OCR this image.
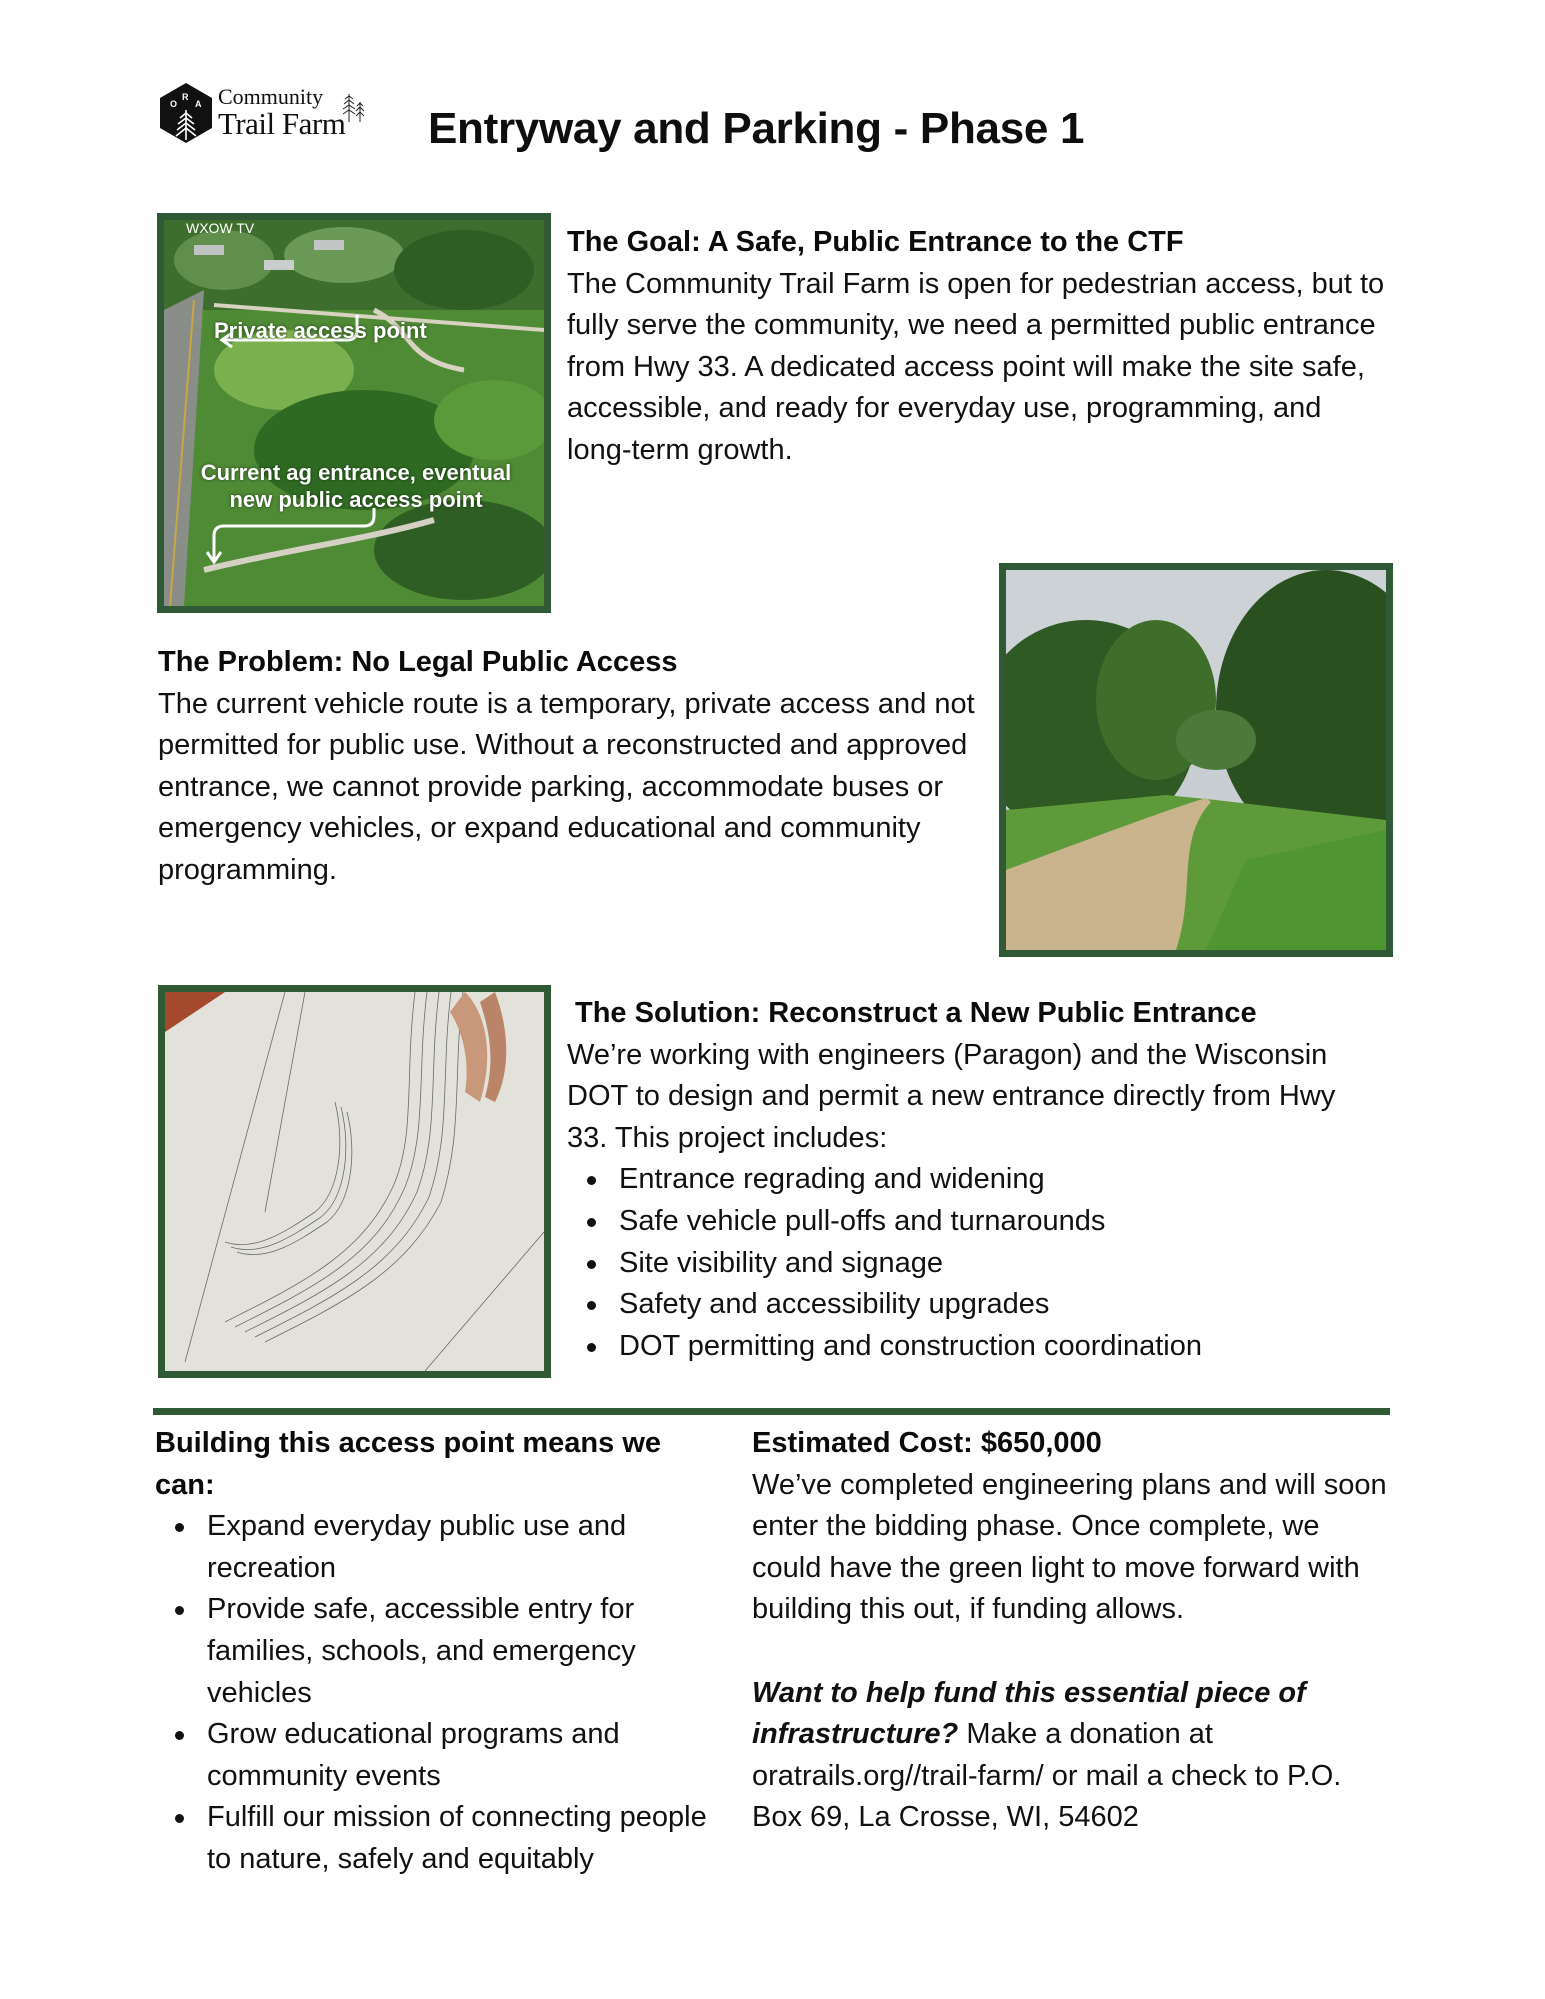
O
R
A Community
Trail Farm Entryway and Parking - Phase 1
WXOW TV
Private access point
Current ag entrance, eventual
new public access point
The Goal: A Safe, Public Entrance to the CTF

The Community Trail Farm is open for pedestrian access, but to fully serve the community, we need a permitted public entrance from Hwy 33. A dedicated access point will make the site safe, accessible, and ready for everyday use, programming, and long-term growth.

The Problem: No Legal Public Access

The current vehicle route is a temporary, private access and not permitted for public use. Without a reconstructed and approved entrance, we cannot provide parking, accommodate buses or emergency vehicles, or expand educational and community programming.

The Solution: Reconstruct a New Public Entrance

We’re working with engineers (Paragon) and the Wisconsin DOT to design and permit a new entrance directly from Hwy 33. This project includes:

Entrance regrading and widening
Safe vehicle pull-offs and turnarounds
Site visibility and signage
Safety and accessibility upgrades
DOT permitting and construction coordination
Building this access point means we can:
Expand everyday public use and recreation
Provide safe, accessible entry for families, schools, and emergency vehicles
Grow educational programs and community events
Fulfill our mission of connecting people to nature, safely and equitably
Estimated Cost: $650,000

We’ve completed engineering plans and will soon enter the bidding phase. Once complete, we could have the green light to move forward with building this out, if funding allows.

Want to help fund this essential piece of infrastructure? Make a donation at oratrails.org//trail-farm/ or mail a check to P.O. Box 69, La Crosse, WI, 54602
